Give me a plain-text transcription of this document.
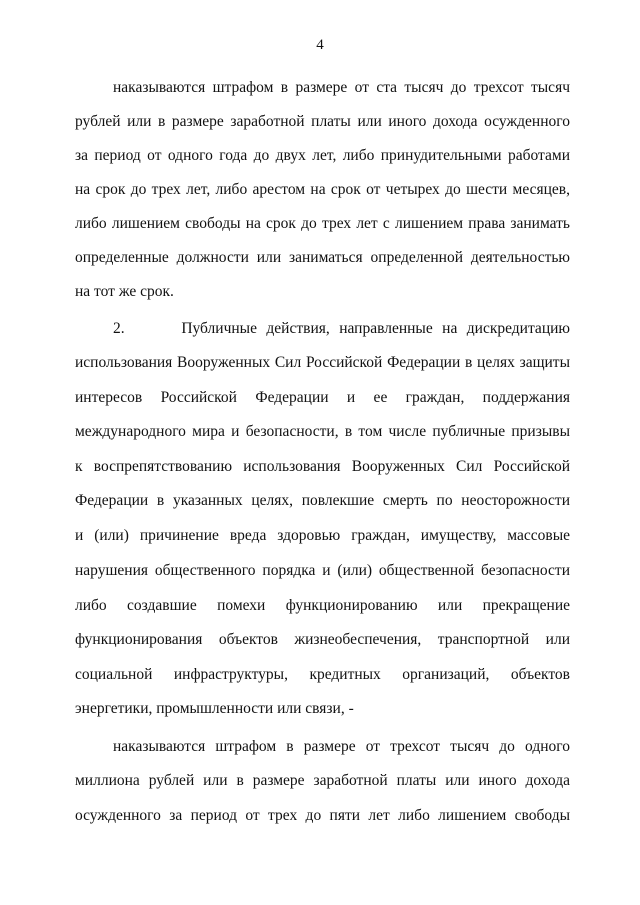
4
наказываются штрафом в размере от ста тысяч до трехсот тысяч
рублей или в размере заработной платы или иного дохода осужденного
за период от одного года до двух лет, либо принудительными работами
на срок до трех лет, либо арестом на срок от четырех до шести месяцев,
либо лишением свободы на срок до трех лет с лишением права занимать
определенные должности или заниматься определенной деятельностью
на тот же срок.
2.      Публичные действия, направленные на дискредитацию
использования Вооруженных Сил Российской Федерации в целях защиты
интересов Российской Федерации и ее граждан, поддержания
международного мира и безопасности, в том числе публичные призывы
к воспрепятствованию использования Вооруженных Сил Российской
Федерации в указанных целях, повлекшие смерть по неосторожности
и (или) причинение вреда здоровью граждан, имуществу, массовые
нарушения общественного порядка и (или) общественной безопасности
либо создавшие помехи функционированию или прекращение
функционирования объектов жизнеобеспечения, транспортной или
социальной инфраструктуры, кредитных организаций, объектов
энергетики, промышленности или связи, -
наказываются штрафом в размере от трехсот тысяч до одного
миллиона рублей или в размере заработной платы или иного дохода
осужденного за период от трех до пяти лет либо лишением свободы
